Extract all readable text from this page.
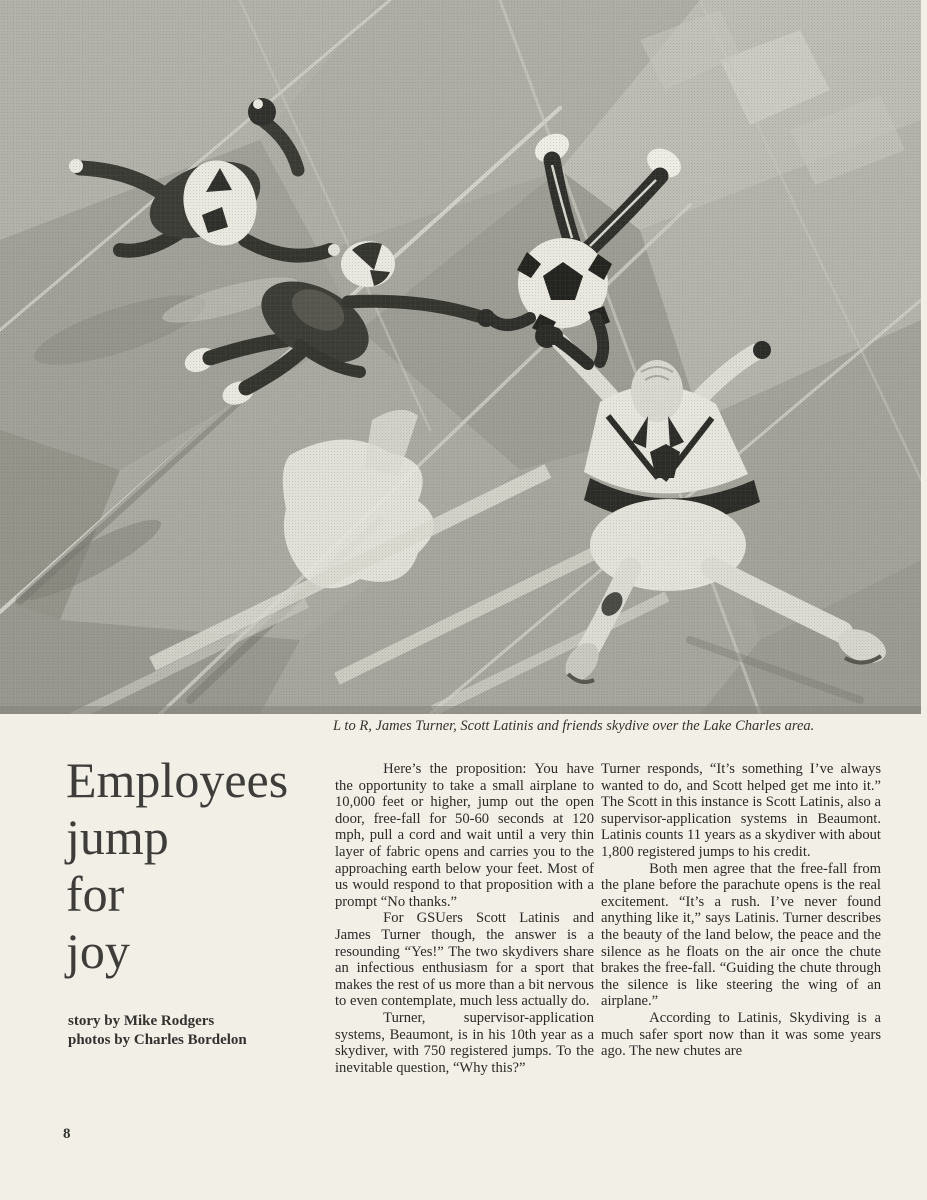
L to R, James Turner, Scott Latinis and friends skydive over the Lake Charles area.
Employees
jump
for
joy
story by Mike Rodgers
photos by Charles Bordelon

Here’s the proposition: You have the opportunity to take a small airplane to 10,000 feet or higher, jump out the open door, free-fall for 50-60 seconds at 120 mph, pull a cord and wait until a very thin layer of fabric opens and carries you to the approaching earth below your feet. Most of us would respond to that proposition with a prompt “No thanks.”

For GSUers Scott Latinis and James Turner though, the answer is a resounding “Yes!” The two skydivers share an infectious enthusiasm for a sport that makes the rest of us more than a bit nervous to even contemplate, much less actually do.

Turner, supervisor-application systems, Beaumont, is in his 10th year as a skydiver, with 750 registered jumps. To the inevitable question, “Why this?”

Turner responds, “It’s something I’ve always wanted to do, and Scott helped get me into it.” The Scott in this instance is Scott Latinis, also a supervisor-application systems in Beaumont. Latinis counts 11 years as a skydiver with about 1,800 registered jumps to his credit.

Both men agree that the free-fall from the plane before the parachute opens is the real excitement. “It’s a rush. I’ve never found anything like it,” says Latinis. Turner describes the beauty of the land below, the peace and the silence as he floats on the air once the chute brakes the free-fall. “Guiding the chute through the silence is like steering the wing of an airplane.”

According to Latinis, Skydiving is a much safer sport now than it was some years ago. The new chutes are

8
